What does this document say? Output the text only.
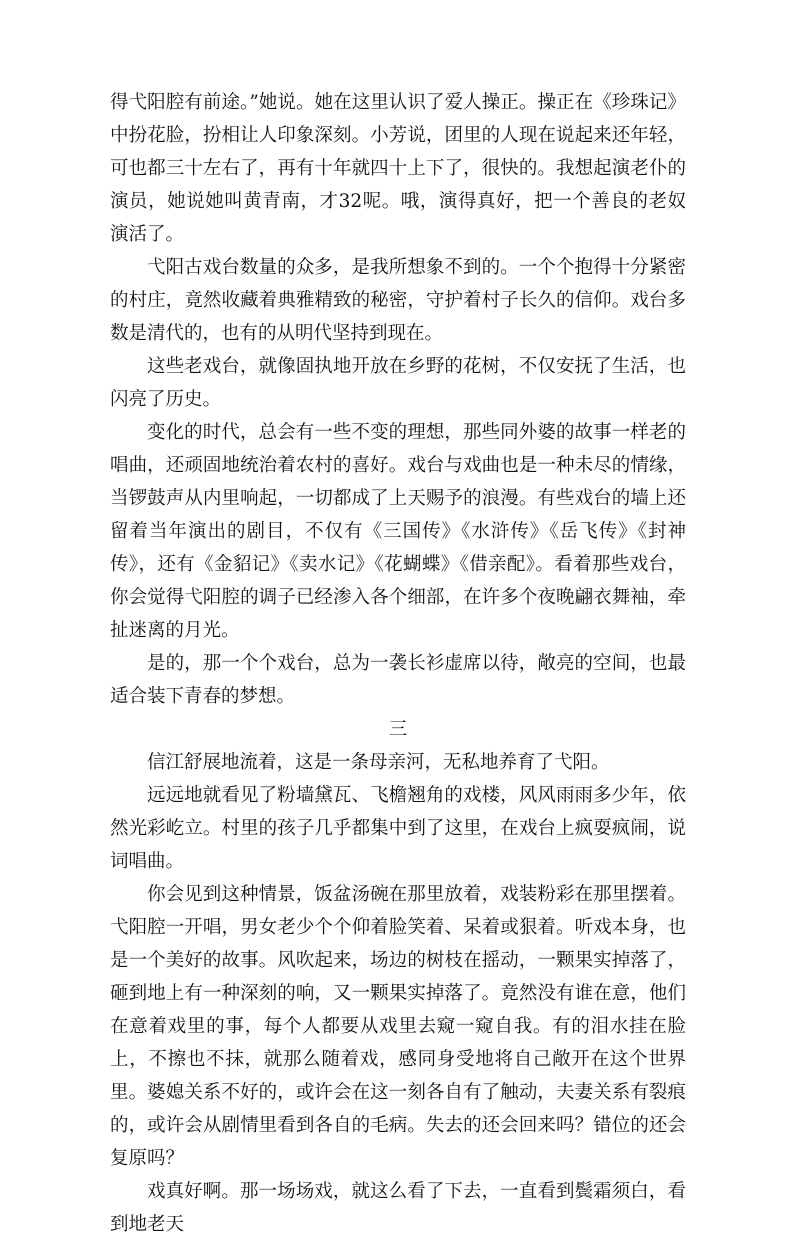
得弋阳腔有前途。”她说。她在这里认识了爱人操正。操正在《珍珠记》中扮花脸，扮相让人印象深刻。小芳说，团里的人现在说起来还年轻，可也都三十左右了，再有十年就四十上下了，很快的。我想起演老仆的演员，她说她叫黄青南，才32呢。哦，演得真好，把一个善良的老奴演活了。

弋阳古戏台数量的众多，是我所想象不到的。一个个抱得十分紧密的村庄，竟然收藏着典雅精致的秘密，守护着村子长久的信仰。戏台多数是清代的，也有的从明代坚持到现在。

这些老戏台，就像固执地开放在乡野的花树，不仅安抚了生活，也闪亮了历史。

变化的时代，总会有一些不变的理想，那些同外婆的故事一样老的唱曲，还顽固地统治着农村的喜好。戏台与戏曲也是一种未尽的情缘，当锣鼓声从内里响起，一切都成了上天赐予的浪漫。有些戏台的墙上还留着当年演出的剧目，不仅有《三国传》《水浒传》《岳飞传》《封神传》，还有《金貂记》《卖水记》《花蝴蝶》《借亲配》。看着那些戏台，你会觉得弋阳腔的调子已经渗入各个细部，在许多个夜晚翩衣舞袖，牵扯迷离的月光。

是的，那一个个戏台，总为一袭长衫虚席以待，敞亮的空间，也最适合装下青春的梦想。

三

信江舒展地流着，这是一条母亲河，无私地养育了弋阳。

远远地就看见了粉墙黛瓦、飞檐翘角的戏楼，风风雨雨多少年，依然光彩屹立。村里的孩子几乎都集中到了这里，在戏台上疯耍疯闹，说词唱曲。

你会见到这种情景，饭盆汤碗在那里放着，戏装粉彩在那里摆着。弋阳腔一开唱，男女老少个个仰着脸笑着、呆着或狠着。听戏本身，也是一个美好的故事。风吹起来，场边的树枝在摇动，一颗果实掉落了，砸到地上有一种深刻的响，又一颗果实掉落了。竟然没有谁在意，他们在意着戏里的事，每个人都要从戏里去窥一窥自我。有的泪水挂在脸上，不擦也不抹，就那么随着戏，感同身受地将自己敞开在这个世界里。婆媳关系不好的，或许会在这一刻各自有了触动，夫妻关系有裂痕的，或许会从剧情里看到各自的毛病。失去的还会回来吗？错位的还会复原吗？

戏真好啊。那一场场戏，就这么看了下去，一直看到鬓霜须白，看到地老天
